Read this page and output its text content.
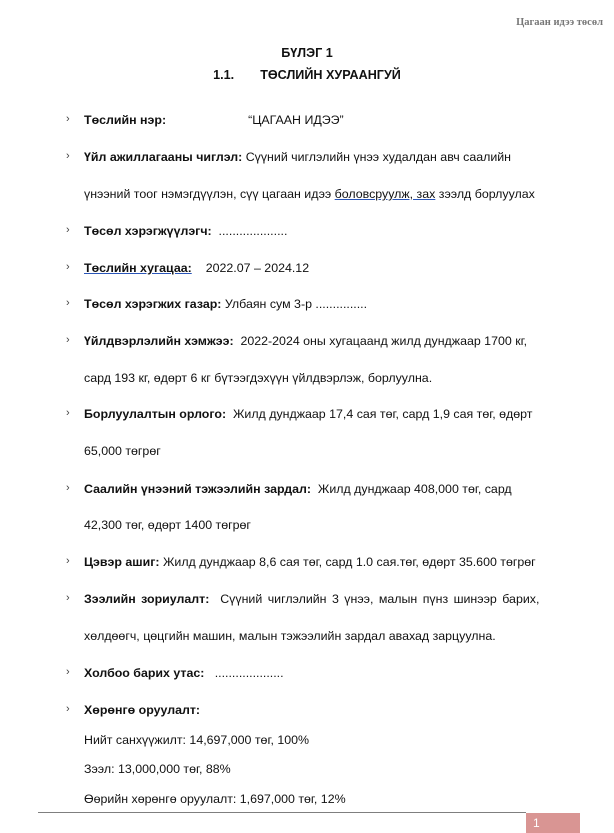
Цагаан идээ төсөл
БҮЛЭГ 1
1.1. ТӨСЛИЙН ХУРААНГУЙ
› Төслийн нэр:	“ЦАГААН ИДЭЭ”
› Үйл ажиллагааны чиглэл: Сүүний чиглэлийн үнээ худалдан авч саалийн
үнээний тоог нэмэгдүүлэн, сүү цагаан идээ боловсруулж, зах зээлд борлуулах
› Төсөл хэрэгжүүлэгч: ....................
› Төслийн хугацаа: 2022.07 – 2024.12
› Төсөл хэрэгжих газар: Улбаян сум 3-р ...............
› Үйлдвэрлэлийн хэмжээ: 2022-2024 оны хугацаанд жилд дунджаар 1700 кг,
сард 193 кг, өдөрт 6 кг бүтээгдэхүүн үйлдвэрлэж, борлуулна.
› Борлуулалтын орлого: Жилд дунджаар 17,4 сая төг, сард 1,9 сая төг, өдөрт
65,000 төгрөг
› Саалийн үнээний тэжээлийн зардал: Жилд дунджаар 408,000 төг, сард
42,300 төг, өдөрт 1400 төгрөг
› Цэвэр ашиг: Жилд дунджаар 8,6 сая төг, сард 1.0 сая.төг, өдөрт 35.600 төгрөг
› Зээлийн зориулалт: Сүүний чиглэлийн 3 үнээ, малын пүнз шинээр барих,
хөлдөөгч, цөцгийн машин, малын тэжээлийн зардал авахад зарцуулна.
› Холбоо барих утас: ....................
› Хөрөнгө оруулалт:
Нийт санхүүжилт: 14,697,000 төг, 100%
Зээл: 13,000,000 төг, 88%
Өөрийн хөрөнгө оруулалт: 1,697,000 төг, 12%
1
